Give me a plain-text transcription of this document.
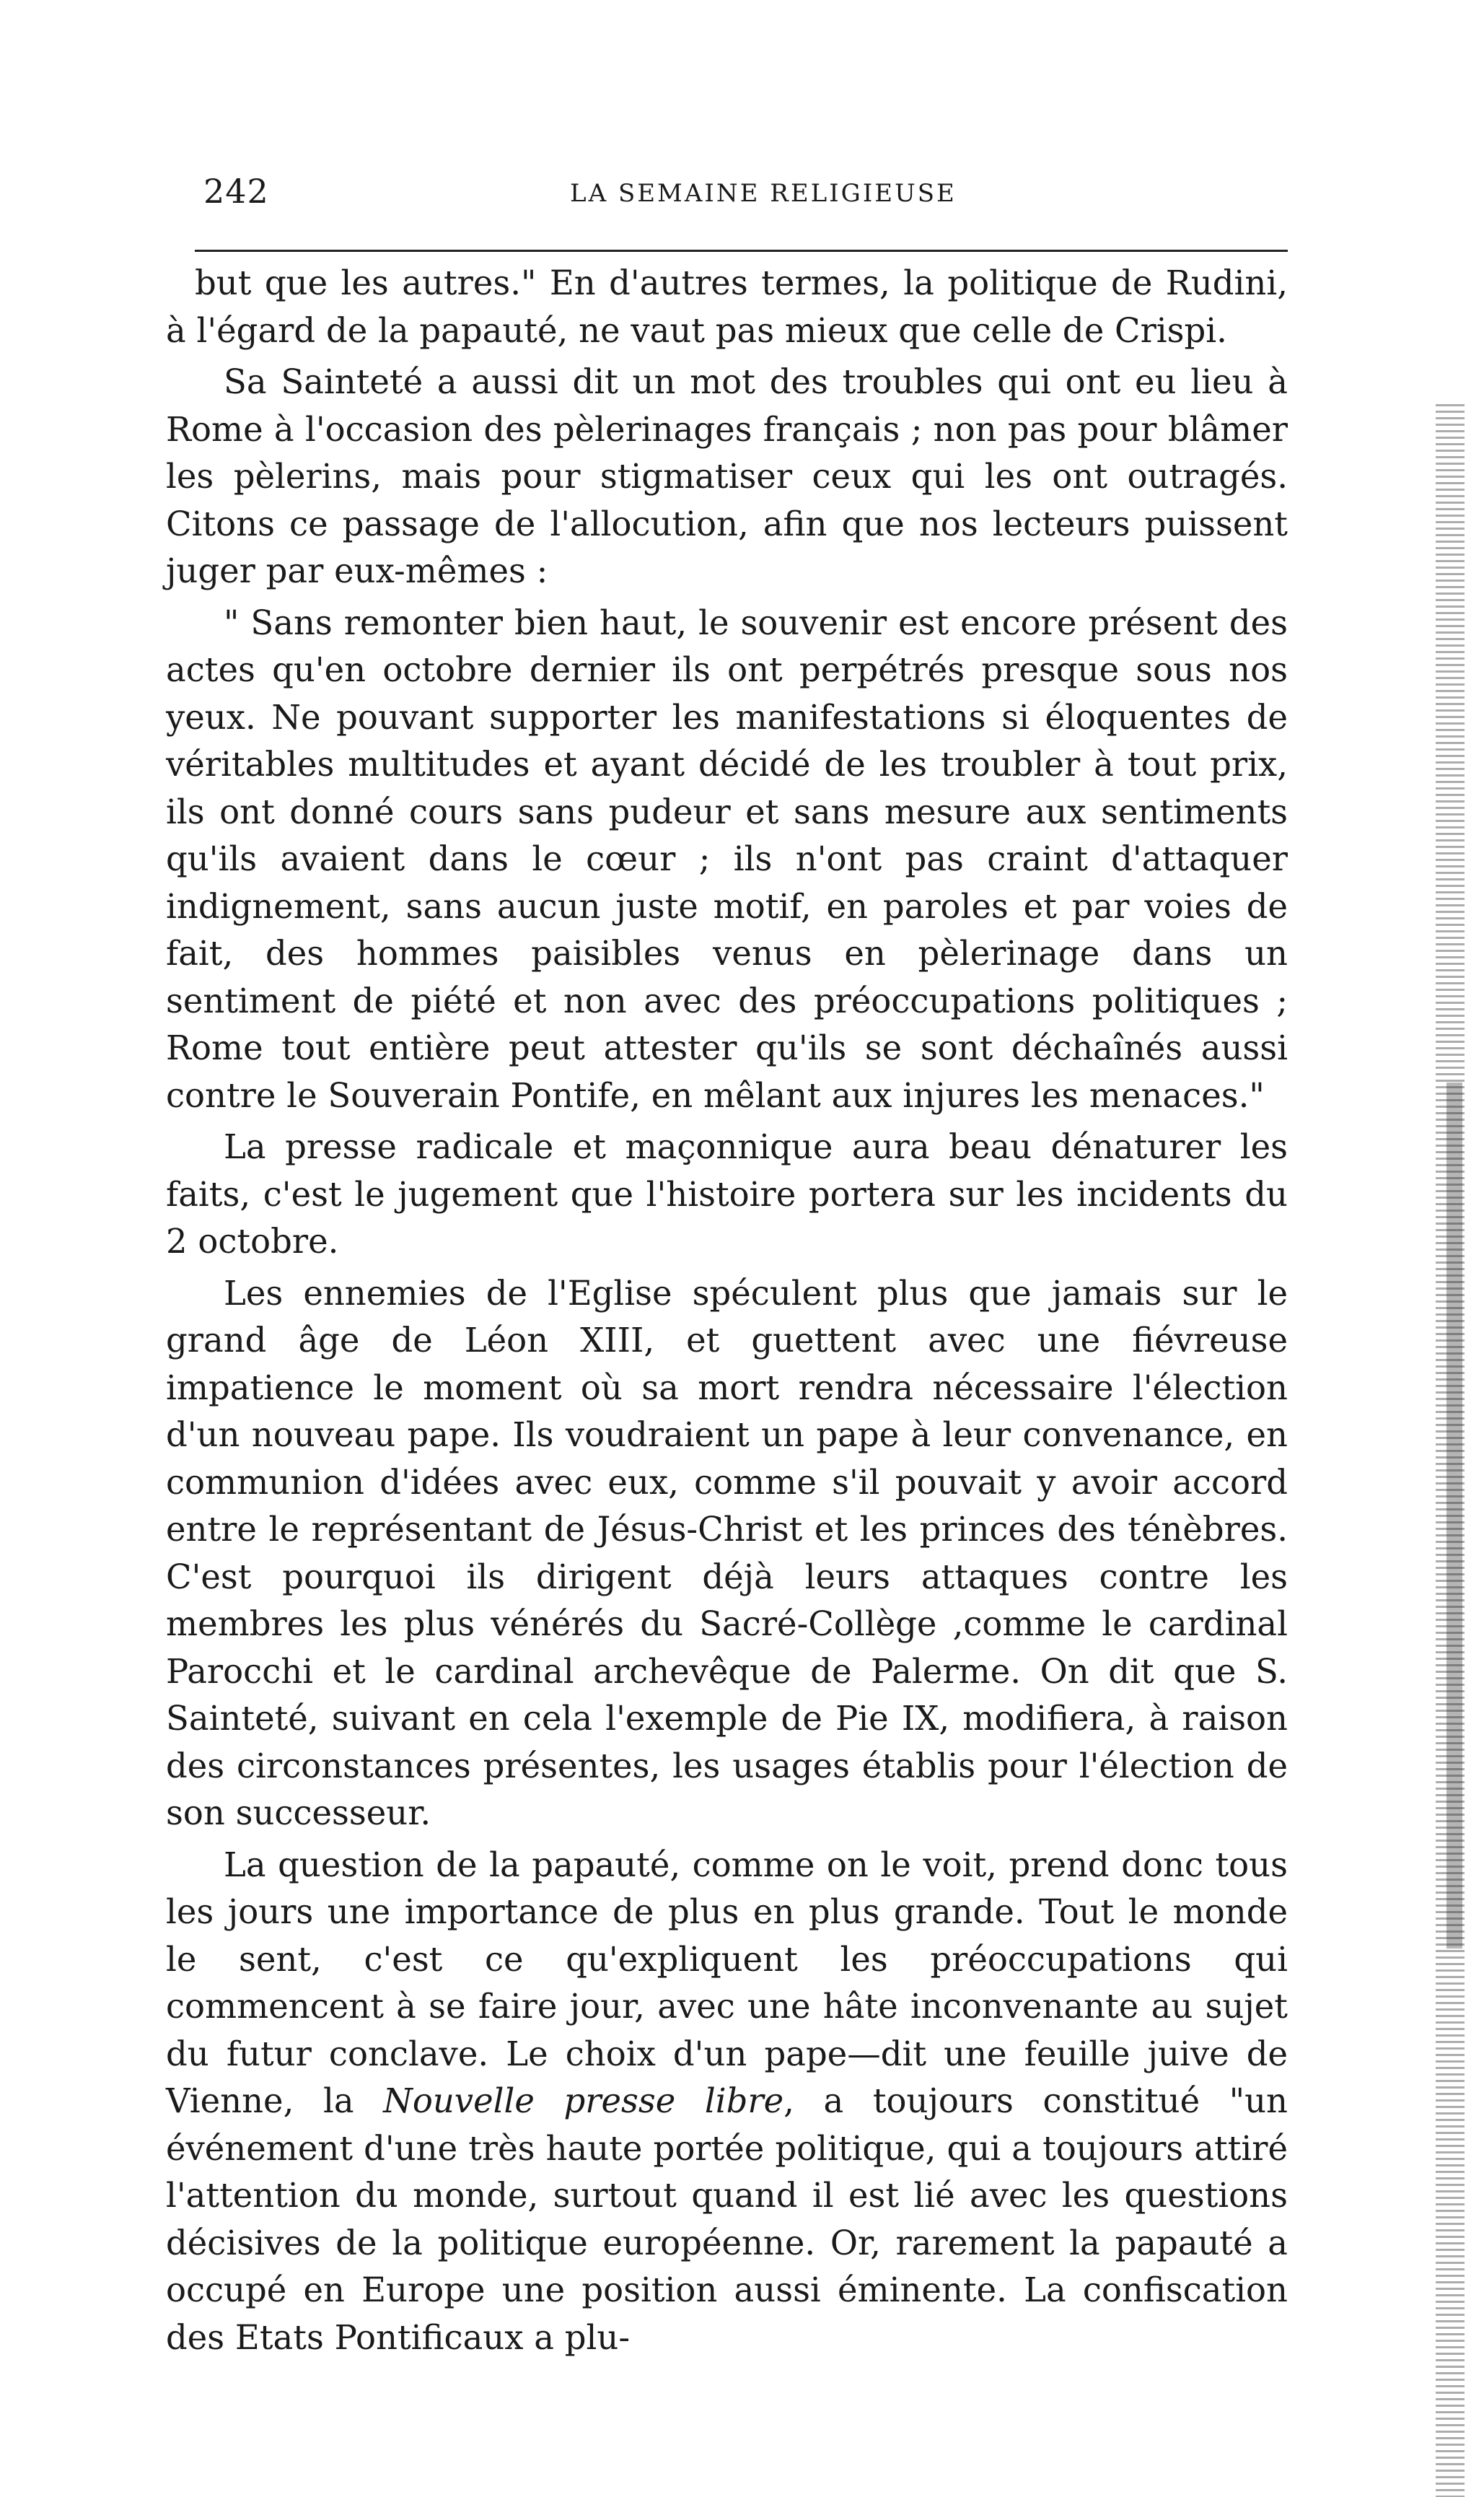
242	LA SEMAINE RELIGIEUSE

but que les autres." En d'autres termes, la politique de Rudini, à l'égard de la papauté, ne vaut pas mieux que celle de Crispi.

Sa Sainteté a aussi dit un mot des troubles qui ont eu lieu à Rome à l'occasion des pèlerinages français ; non pas pour blâmer les pèlerins, mais pour stigmatiser ceux qui les ont outragés. Citons ce passage de l'allocution, afin que nos lecteurs puissent juger par eux-mêmes :

" Sans remonter bien haut, le souvenir est encore présent des actes qu'en octobre dernier ils ont perpétrés presque sous nos yeux. Ne pouvant supporter les manifestations si éloquentes de véritables multitudes et ayant décidé de les troubler à tout prix, ils ont donné cours sans pudeur et sans mesure aux sentiments qu'ils avaient dans le cœur ; ils n'ont pas craint d'attaquer indignement, sans aucun juste motif, en paroles et par voies de fait, des hommes paisibles venus en pèlerinage dans un sentiment de piété et non avec des préoccupations politiques ; Rome tout entière peut attester qu'ils se sont déchaînés aussi contre le Souverain Pontife, en mêlant aux injures les menaces."

La presse radicale et maçonnique aura beau dénaturer les faits, c'est le jugement que l'histoire portera sur les incidents du 2 octobre.

Les ennemies de l'Eglise spéculent plus que jamais sur le grand âge de Léon XIII, et guettent avec une fiévreuse impatience le moment où sa mort rendra nécessaire l'élection d'un nouveau pape. Ils voudraient un pape à leur convenance, en communion d'idées avec eux, comme s'il pouvait y avoir accord entre le représentant de Jésus-Christ et les princes des ténèbres. C'est pourquoi ils dirigent déjà leurs attaques contre les membres les plus vénérés du Sacré-Collège ,comme le cardinal Parocchi et le cardinal archevêque de Palerme. On dit que S. Sainteté, suivant en cela l'exemple de Pie IX, modifiera, à raison des circonstances présentes, les usages établis pour l'élection de son successeur.

La question de la papauté, comme on le voit, prend donc tous les jours une importance de plus en plus grande. Tout le monde le sent, c'est ce qu'expliquent les préoccupations qui commencent à se faire jour, avec une hâte inconvenante au sujet du futur conclave. Le choix d'un pape—dit une feuille juive de Vienne, la Nouvelle presse libre, a toujours constitué "un événement d'une très haute portée politique, qui a toujours attiré l'attention du monde, surtout quand il est lié avec les questions décisives de la politique européenne. Or, rarement la papauté a occupé en Europe une position aussi éminente. La confiscation des Etats Pontificaux a plu-
